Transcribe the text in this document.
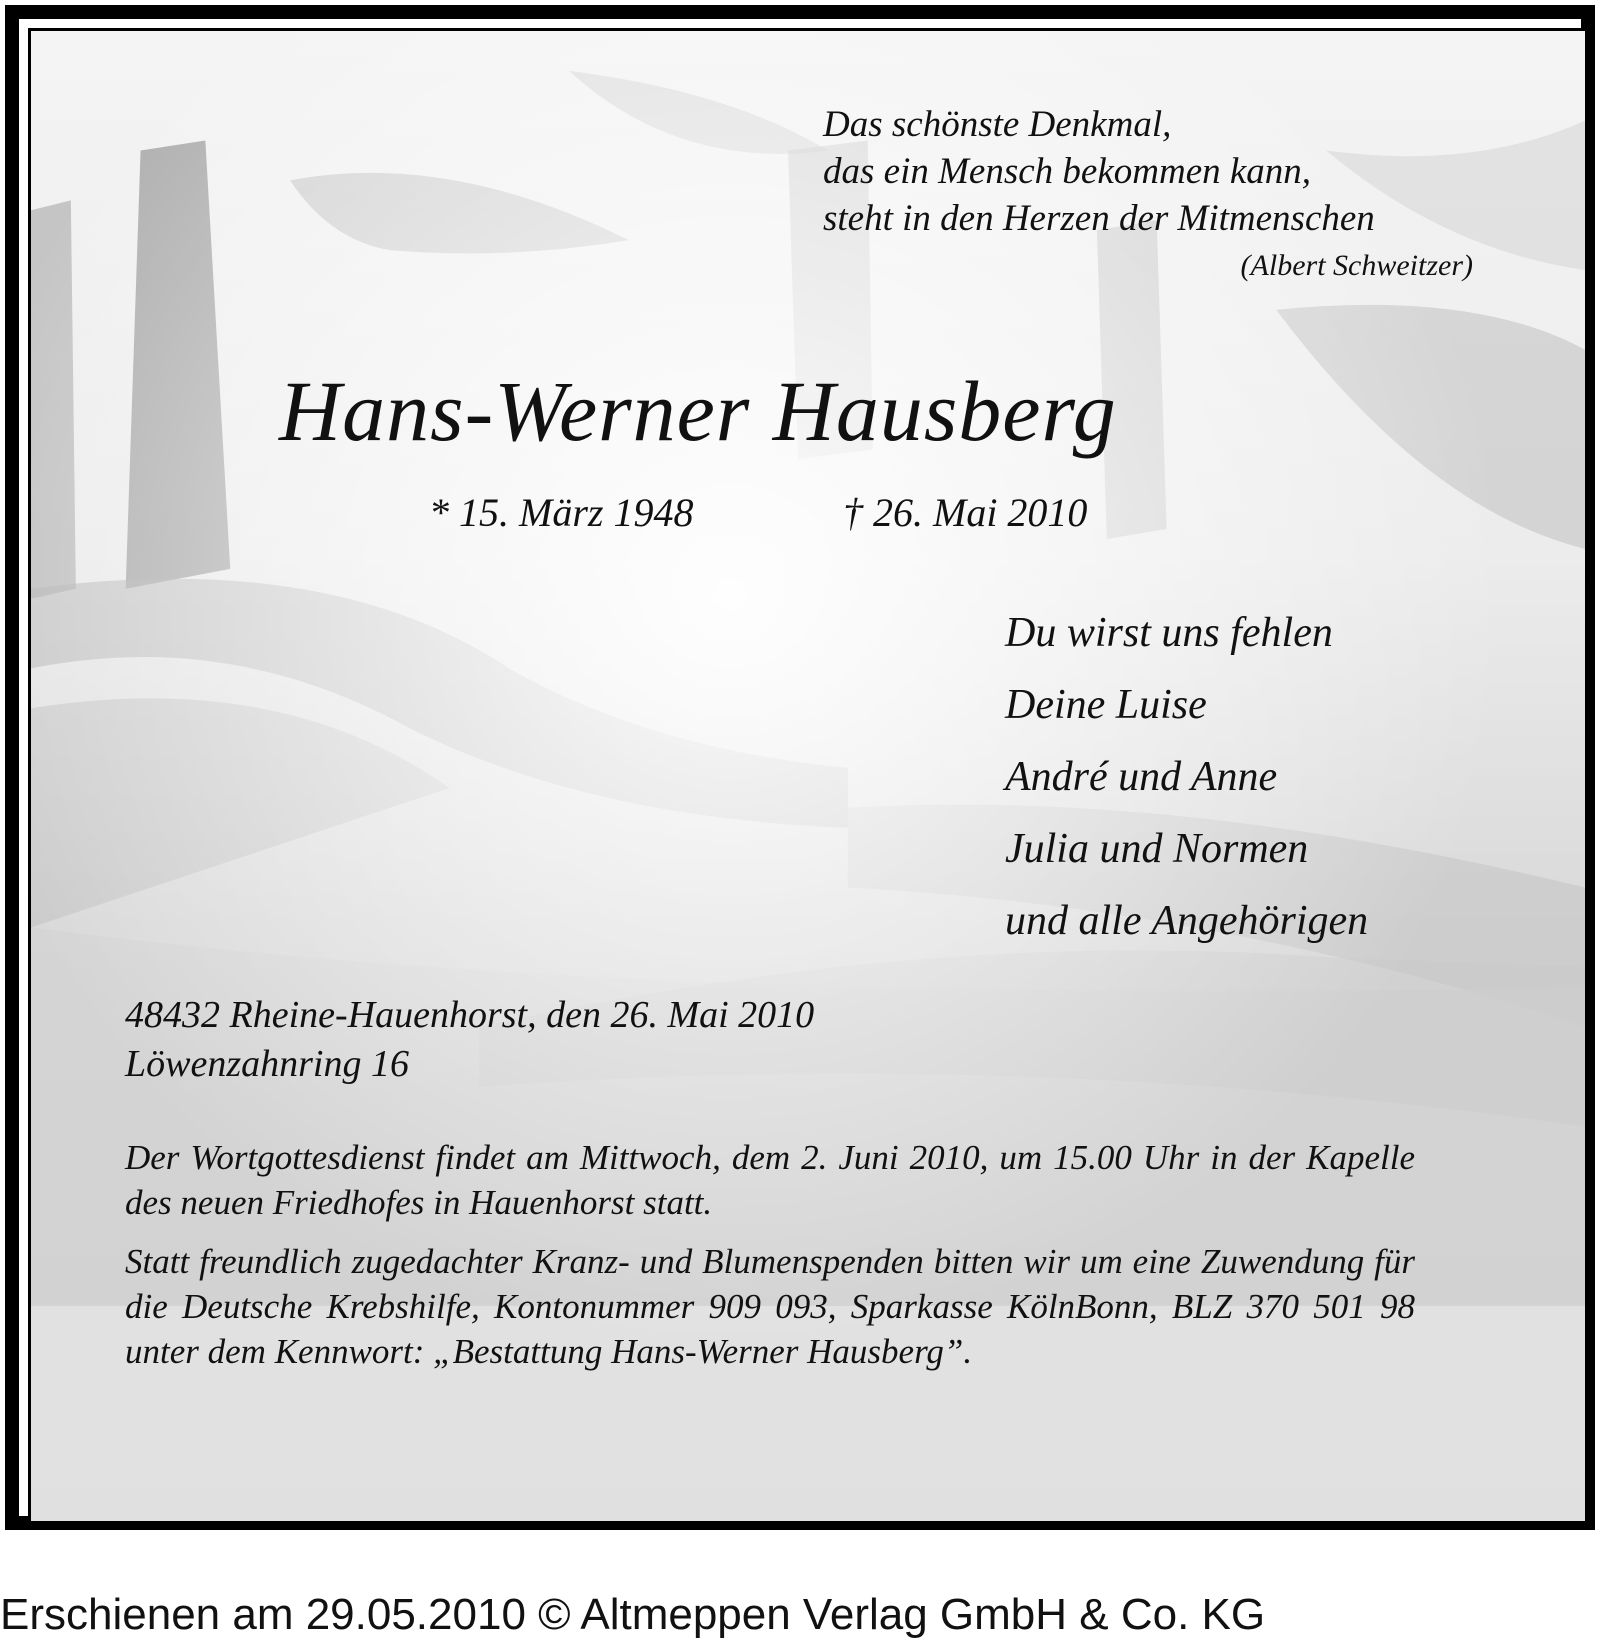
Das schönste Denkmal,
das ein Mensch bekommen kann,
steht in den Herzen der Mitmenschen
(Albert Schweitzer)
Hans-Werner Hausberg
* 15. März 1948	† 26. Mai 2010
Du wirst uns fehlen
Deine Luise
André und Anne
Julia und Normen
und alle Angehörigen
48432 Rheine-Hauenhorst, den 26. Mai 2010
Löwenzahnring 16
Der Wortgottesdienst findet am Mittwoch, dem 2. Juni 2010, um 15.00 Uhr in der Kapelle des neuen Friedhofes in Hauenhorst statt.
Statt freundlich zugedachter Kranz- und Blumenspenden bitten wir um eine Zuwendung für die Deutsche Krebshilfe, Kontonummer 909 093, Sparkasse KölnBonn, BLZ 370 501 98 unter dem Kennwort: „Bestattung Hans-Werner Hausberg”.
Erschienen am 29.05.2010 © Altmeppen Verlag GmbH & Co. KG
